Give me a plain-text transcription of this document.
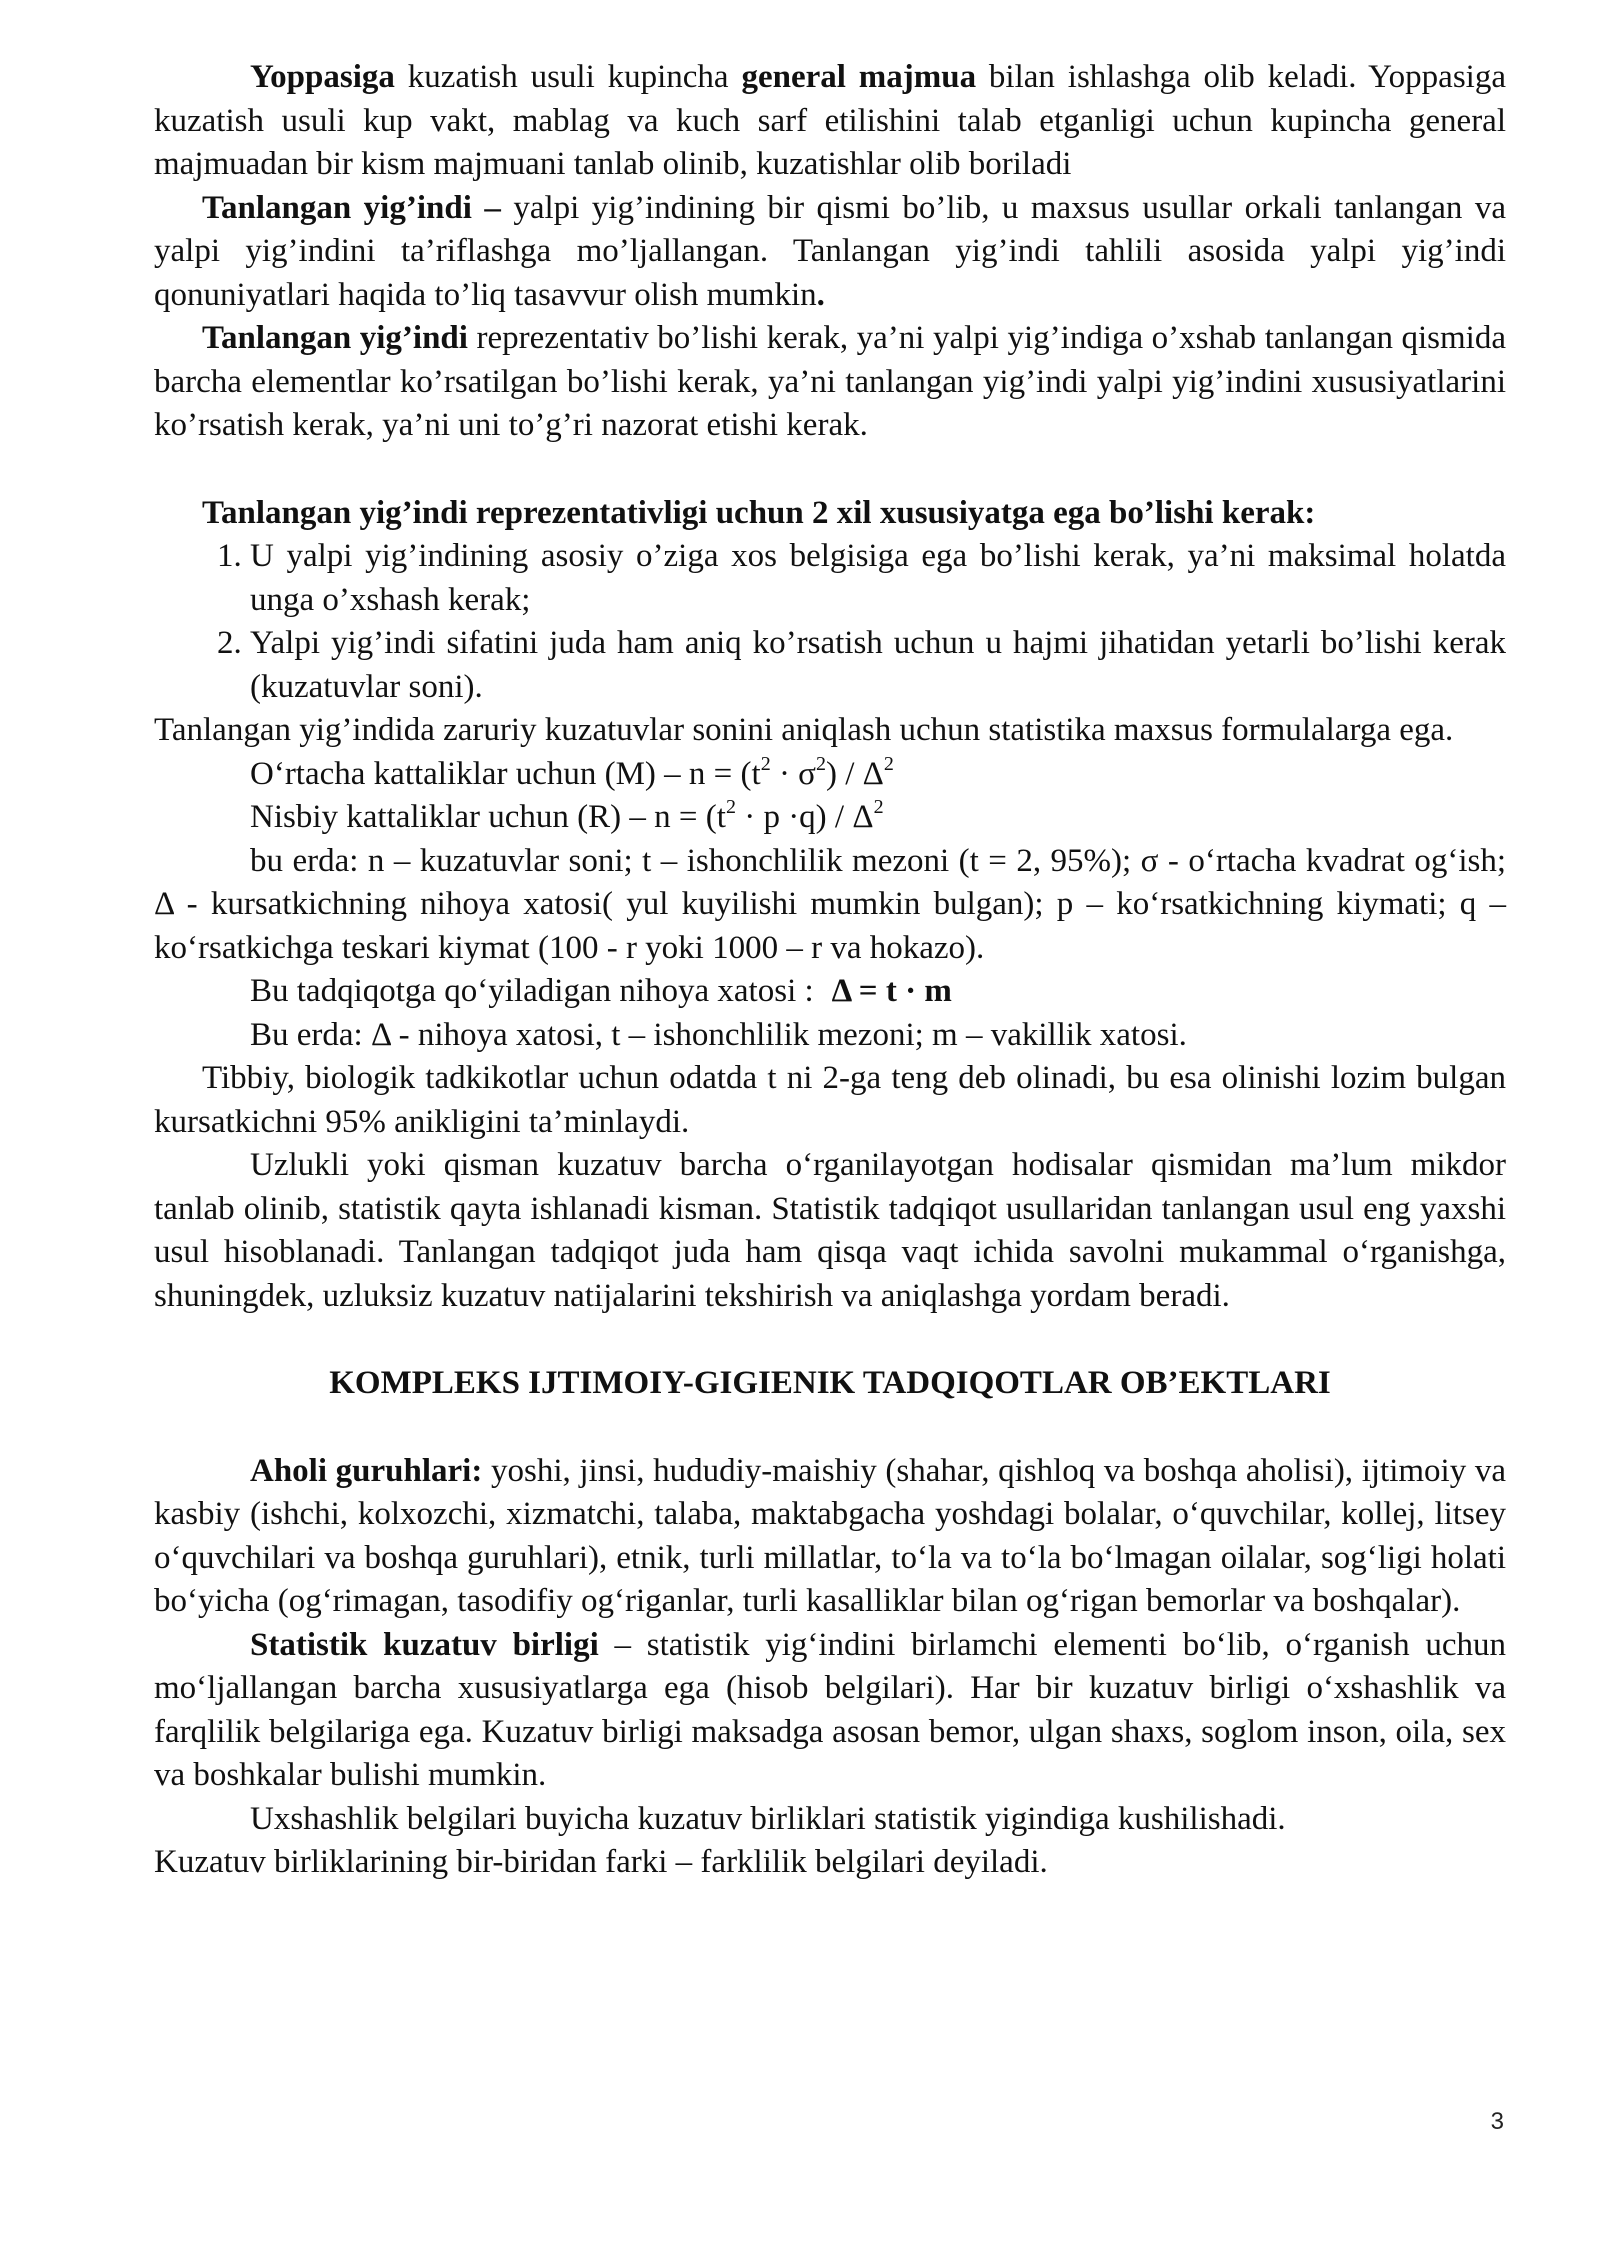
Yoppasiga kuzatish usuli kupincha general majmua bilan ishlashga olib keladi. Yoppasiga kuzatish usuli kup vakt, mablag va kuch sarf etilishini talab etganligi uchun kupincha general majmuadan bir kism majmuani tanlab olinib, kuzatishlar olib boriladi

Tanlangan yig’indi – yalpi yig’indining bir qismi bo’lib, u maxsus usullar orkali tanlangan va yalpi yig’indini ta’riflashga mo’ljallangan. Tanlangan yig’indi tahlili asosida yalpi yig’indi qonuniyatlari haqida to’liq tasavvur olish mumkin.

Tanlangan yig’indi reprezentativ bo’lishi kerak, ya’ni yalpi yig’indiga o’xshab tanlangan qismida barcha elementlar ko’rsatilgan bo’lishi kerak, ya’ni tanlangan yig’indi yalpi yig’indini xususiyatlarini ko’rsatish kerak, ya’ni uni to’g’ri nazorat etishi kerak.

Tanlangan yig’indi reprezentativligi uchun 2 xil xususiyatga ega bo’lishi kerak:

1. U yalpi yig’indining asosiy o’ziga xos belgisiga ega bo’lishi kerak, ya’ni maksimal holatda unga o’xshash kerak;
2. Yalpi yig’indi sifatini juda ham aniq ko’rsatish uchun u hajmi jihatidan yetarli bo’lishi kerak (kuzatuvlar soni).

Tanlangan yig’indida zaruriy kuzatuvlar sonini aniqlash uchun statistika maxsus formulalarga ega.

O‘rtacha kattaliklar uchun $(M) - n = (t^2 \cdot \sigma^2) / \Delta^2$

Nisbiy kattaliklar uchun $(R) - n = (t^2 \cdot p \cdot q) / \Delta^2$

bu erda: n – kuzatuvlar soni; t – ishonchlilik mezoni (t = 2, 95%); σ - o‘rtacha kvadrat og‘ish; Δ - kursatkichning nihoya xatosi( yul kuyilishi mumkin bulgan); p – ko‘rsatkichning kiymati; q – ko‘rsatkichga teskari kiymat (100 - r yoki 1000 – r va hokazo).

Bu tadqiqotga qo‘yiladigan nihoya xatosi : Δ = t · m

Bu erda: Δ - nihoya xatosi, t – ishonchlilik mezoni; m – vakillik xatosi.

Tibbiy, biologik tadkikotlar uchun odatda t ni 2-ga teng deb olinadi, bu esa olinishi lozim bulgan kursatkichni 95% anikligini ta’minlaydi.

Uzlukli yoki qisman kuzatuv barcha o‘rganilayotgan hodisalar qismidan ma’lum mikdor tanlab olinib, statistik qayta ishlanadi kisman. Statistik tadqiqot usullaridan tanlangan usul eng yaxshi usul hisoblanadi. Tanlangan tadqiqot juda ham qisqa vaqt ichida savolni mukammal o‘rganishga, shuningdek, uzluksiz kuzatuv natijalarini tekshirish va aniqlashga yordam beradi.

KOMPLEKS IJTIMOIY-GIGIENIK TADQIQOTLAR OB’EKTLARI

Aholi guruhlari: yoshi, jinsi, hududiy-maishiy (shahar, qishloq va boshqa aholisi), ijtimoiy va kasbiy (ishchi, kolxozchi, xizmatchi, talaba, maktabgacha yoshdagi bolalar, o‘quvchilar, kollej, litsey o‘quvchilari va boshqa guruhlari), etnik, turli millatlar, to‘la va to‘la bo‘lmagan oilalar, sog‘ligi holati bo‘yicha (og‘rimagan, tasodifiy og‘riganlar, turli kasalliklar bilan og‘rigan bemorlar va boshqalar).

Statistik kuzatuv birligi – statistik yig‘indini birlamchi elementi bo‘lib, o‘rganish uchun mo‘ljallangan barcha xususiyatlarga ega (hisob belgilari). Har bir kuzatuv birligi o‘xshashlik va farqlilik belgilariga ega. Kuzatuv birligi maksadga asosan bemor, ulgan shaxs, soglom inson, oila, sex va boshkalar bulishi mumkin.

Uxshashlik belgilari buyicha kuzatuv birliklari statistik yigindiga kushilishadi.

Kuzatuv birliklarining bir-biridan farki – farklilik belgilari deyiladi.

3
